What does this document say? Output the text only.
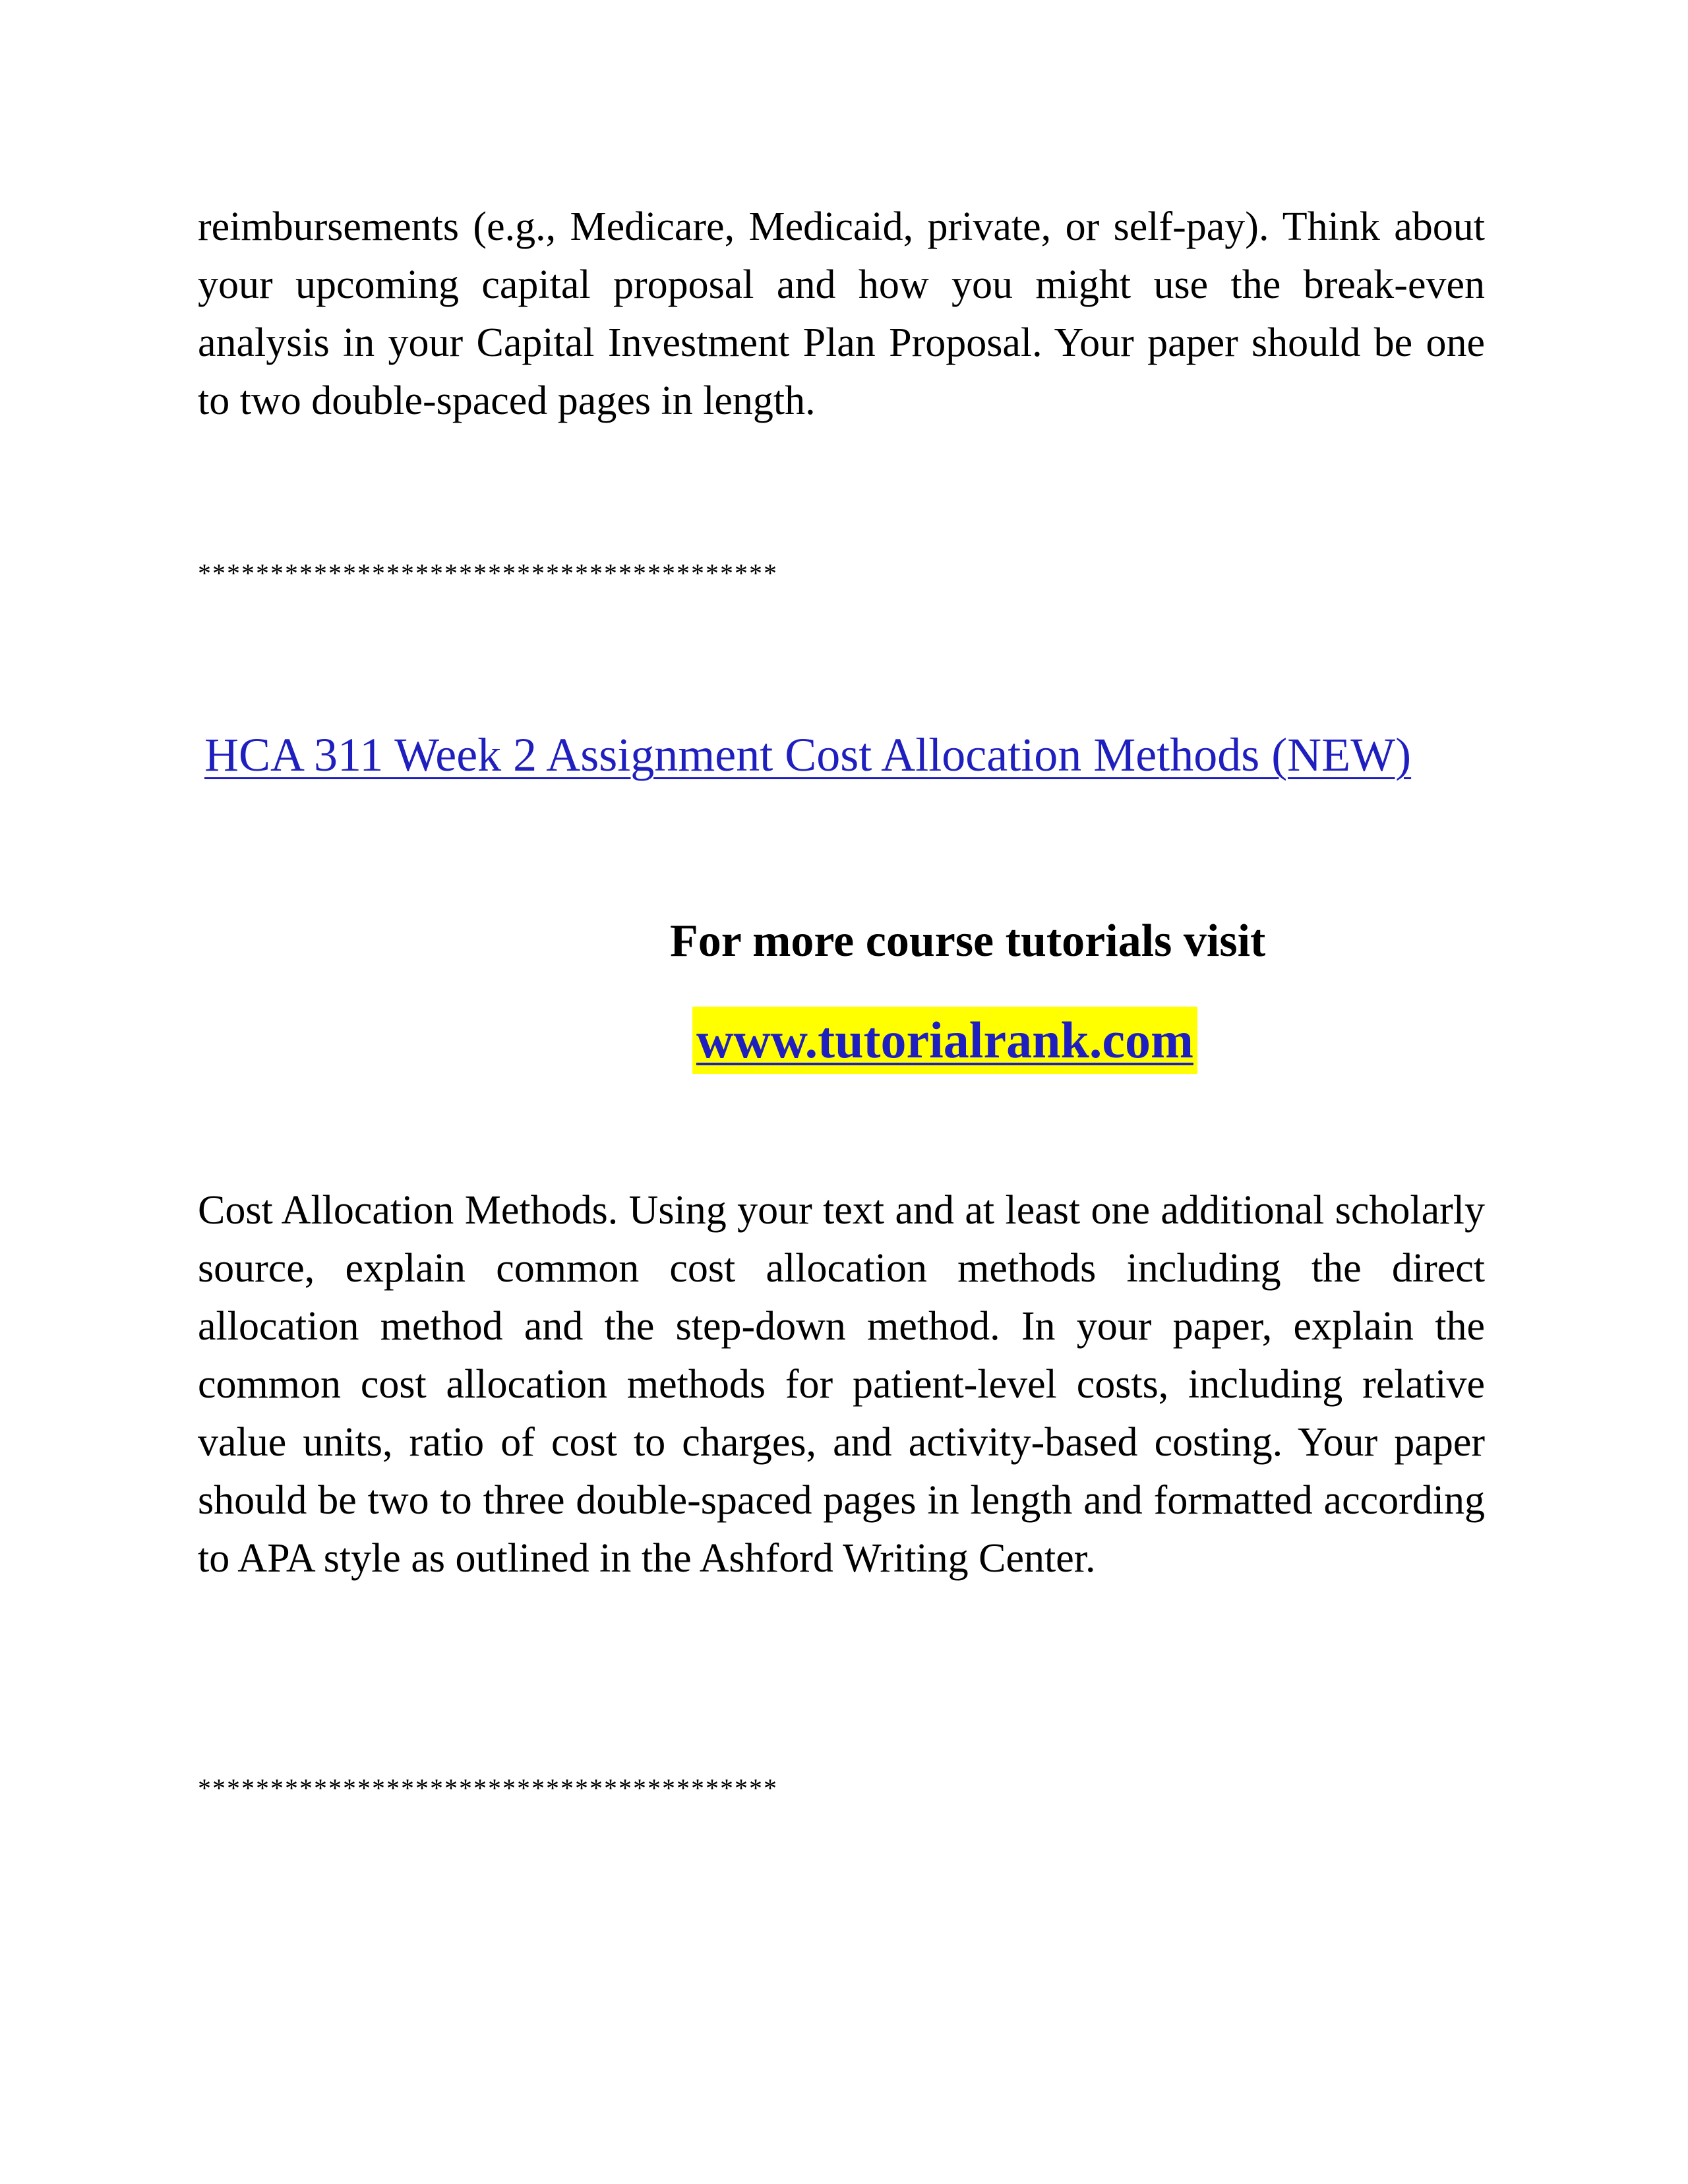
reimbursements (e.g., Medicare, Medicaid, private, or self-pay). Think about your upcoming capital proposal and how you might use the break-even analysis in your Capital Investment Plan Proposal. Your paper should be one to two double-spaced pages in length.

****************************************

HCA 311 Week 2 Assignment Cost Allocation Methods (NEW)

For more course tutorials visit

www.tutorialrank.com

Cost Allocation Methods. Using your text and at least one additional scholarly source, explain common cost allocation methods including the direct allocation method and the step-down method. In your paper, explain the common cost allocation methods for patient-level costs, including relative value units, ratio of cost to charges, and activity-based costing. Your paper should be two to three double-spaced pages in length and formatted according to APA style as outlined in the Ashford Writing Center.

****************************************
